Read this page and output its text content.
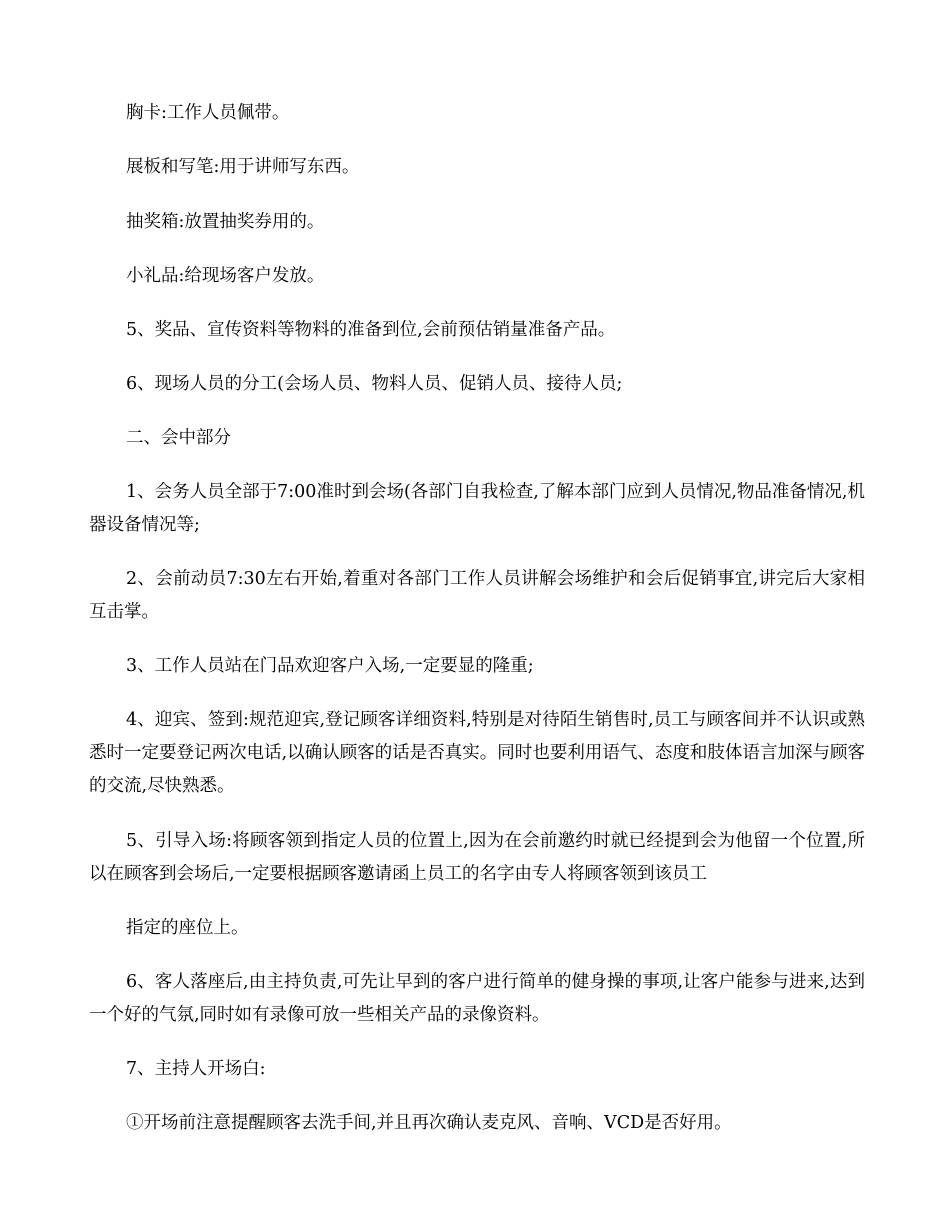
胸卡:工作人员佩带。

展板和写笔:用于讲师写东西。

抽奖箱:放置抽奖券用的。

小礼品:给现场客户发放。

5、奖品、宣传资料等物料的准备到位,会前预估销量准备产品。

6、现场人员的分工(会场人员、物料人员、促销人员、接待人员;

二、会中部分

1、会务人员全部于7:00准时到会场(各部门自我检查,了解本部门应到人员情况,物品准备情况,机器设备情况等;

2、会前动员7:30左右开始,着重对各部门工作人员讲解会场维护和会后促销事宜,讲完后大家相互击掌。

3、工作人员站在门品欢迎客户入场,一定要显的隆重;

4、迎宾、签到:规范迎宾,登记顾客详细资料,特别是对待陌生销售时,员工与顾客间并不认识或熟悉时一定要登记两次电话,以确认顾客的话是否真实。同时也要利用语气、态度和肢体语言加深与顾客的交流,尽快熟悉。

5、引导入场:将顾客领到指定人员的位置上,因为在会前邀约时就已经提到会为他留一个位置,所以在顾客到会场后,一定要根据顾客邀请函上员工的名字由专人将顾客领到该员工

指定的座位上。

6、客人落座后,由主持负责,可先让早到的客户进行简单的健身操的事项,让客户能参与进来,达到一个好的气氛,同时如有录像可放一些相关产品的录像资料。

7、主持人开场白:

①开场前注意提醒顾客去洗手间,并且再次确认麦克风、音响、VCD是否好用。
